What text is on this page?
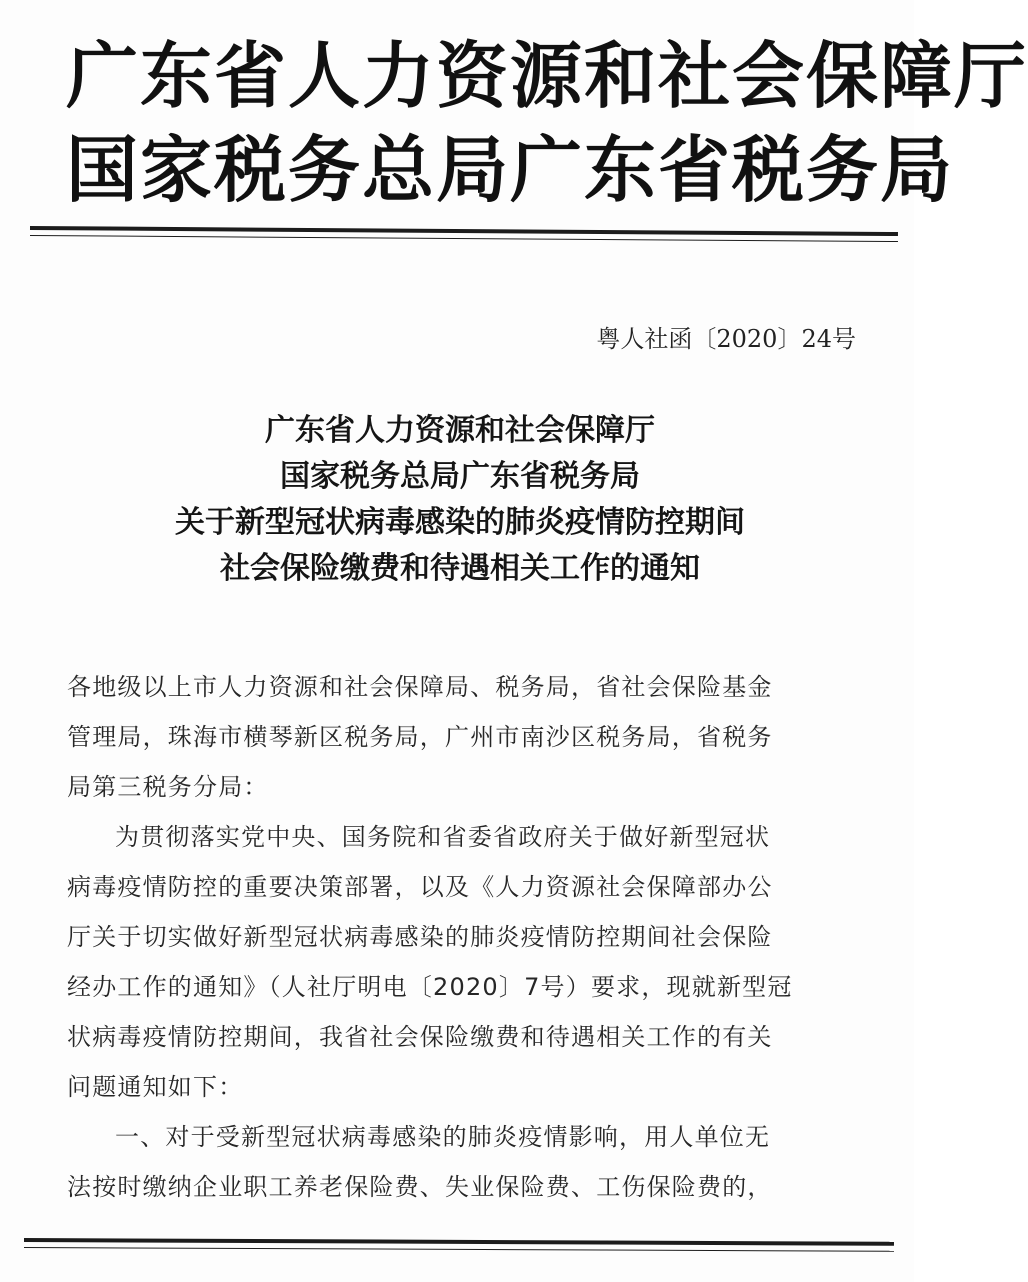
广东省人力资源和社会保障厅
国家税务总局广东省税务局
粤人社函〔2020〕24号
广东省人力资源和社会保障厅
国家税务总局广东省税务局
关于新型冠状病毒感染的肺炎疫情防控期间
社会保险缴费和待遇相关工作的通知
各地级以上市人力资源和社会保障局、税务局，省社会保险基金
管理局，珠海市横琴新区税务局，广州市南沙区税务局，省税务
局第三税务分局：
为贯彻落实党中央、国务院和省委省政府关于做好新型冠状
病毒疫情防控的重要决策部署，以及《人力资源社会保障部办公
厅关于切实做好新型冠状病毒感染的肺炎疫情防控期间社会保险
经办工作的通知》（人社厅明电〔2020〕7号）要求，现就新型冠
状病毒疫情防控期间，我省社会保险缴费和待遇相关工作的有关
问题通知如下：
一、对于受新型冠状病毒感染的肺炎疫情影响，用人单位无
法按时缴纳企业职工养老保险费、失业保险费、工伤保险费的，
